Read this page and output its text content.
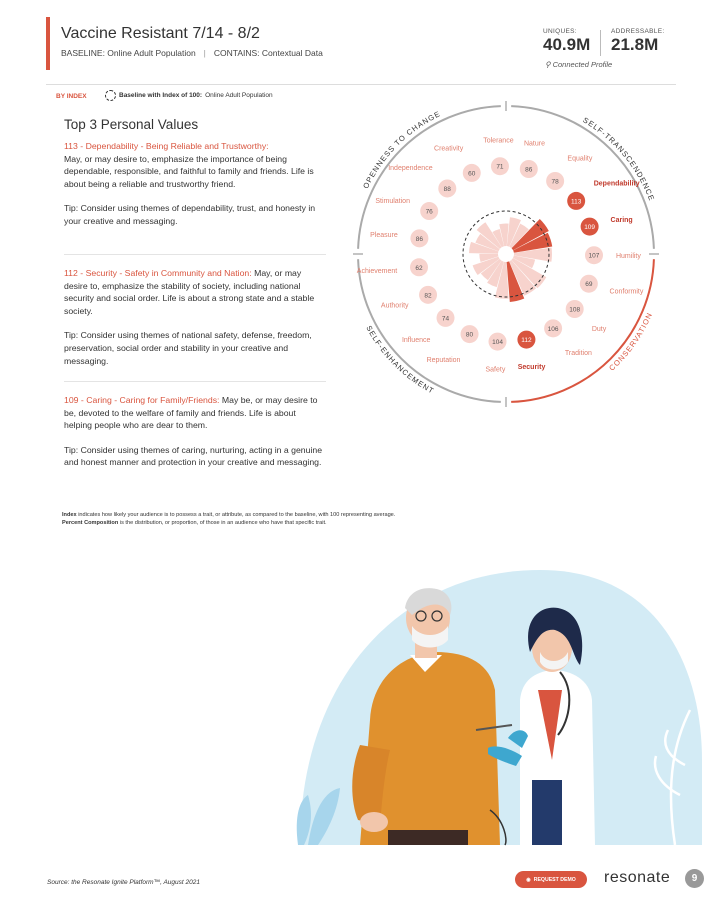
Vaccine Resistant 7/14 - 8/2
BASELINE: Online Adult Population | CONTAINS: Contextual Data
UNIQUES:
40.9M
ADDRESSABLE:
21.8M
⚲ Connected Profile
BY INDEX	Baseline with Index of 100: Online Adult Population
Top 3 Personal Values

113 - Dependability - Being Reliable and Trustworthy:
May, or may desire to, emphasize the importance of being dependable, responsible, and faithful to family and friends. Life is about being a reliable and trustworthy friend.

Tip: Consider using themes of dependability, trust, and honesty in your creative and messaging.

112 - Security - Safety in Community and Nation: May, or may desire to, emphasize the stability of society, including national security and social order. Life is about a strong state and a stable society.

Tip: Consider using themes of national safety, defense, freedom, preservation, social order and stability in your creative and messaging.

109 - Caring - Caring for Family/Friends: May be, or may desire to be, devoted to the welfare of family and friends. Life is about helping people who are dear to them.

Tip: Consider using themes of caring, nurturing, acting in a genuine and honest manner and protection in your creative and messaging.

86
Nature
78
Equality
113
Dependability
109
Caring
107 Humility
69
Conformity
108
Duty
106
Tradition
112
Security
104
Safety
80
Reputation
74
Influence
82
Authority
62
Achievement
86
Pleasure
76
Stimulation
88
Independence
60
Creativity
71
Tolerance
SELF-TRANSCENDENCE
CONSERVATION
SELF-ENHANCEMENT
OPENNESS TO CHANGE
Index indicates how likely your audience is to possess a trait, or attribute, as compared to the baseline, with 100 representing average.
Percent Composition is the distribution, or proportion, of those in an audience who have that specific trait.
Source: the Resonate Ignite Platform™, August 2021	◉ REQUEST DEMO resonate	9
